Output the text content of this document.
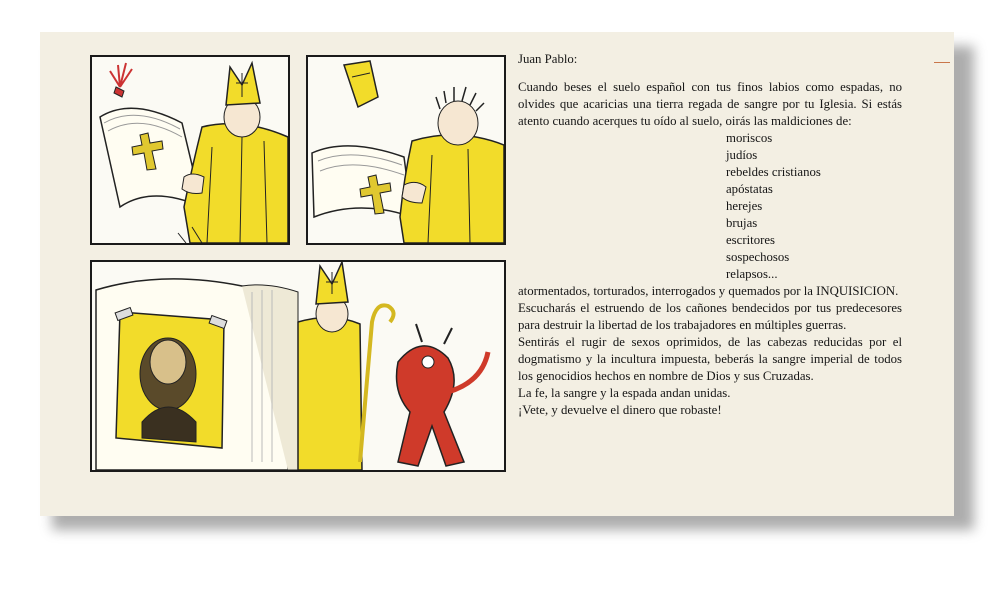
Juan Pablo:

Cuando beses el suelo español con tus finos labios como espadas, no olvides que acaricias una tierra regada de sangre por tu Iglesia. Si estás atento cuando acerques tu oído al suelo, oirás las maldiciones de:

moriscos
judíos
rebeldes cristianos
apóstatas
herejes
brujas
escritores
sospechosos
relapsos...

atormentados, torturados, interrogados y quemados por la INQUISICION.

Escucharás el estruendo de los cañones bendecidos por tus predecesores para destruir la libertad de los trabajadores en múltiples guerras.

Sentirás el rugir de sexos oprimidos, de las cabezas reducidas por el dogmatismo y la incultura impuesta, beberás la sangre imperial de todos los genocidios hechos en nombre de Dios y sus Cruzadas.

La fe, la sangre y la espada andan unidas.

¡Vete, y devuelve el dinero que robaste!
